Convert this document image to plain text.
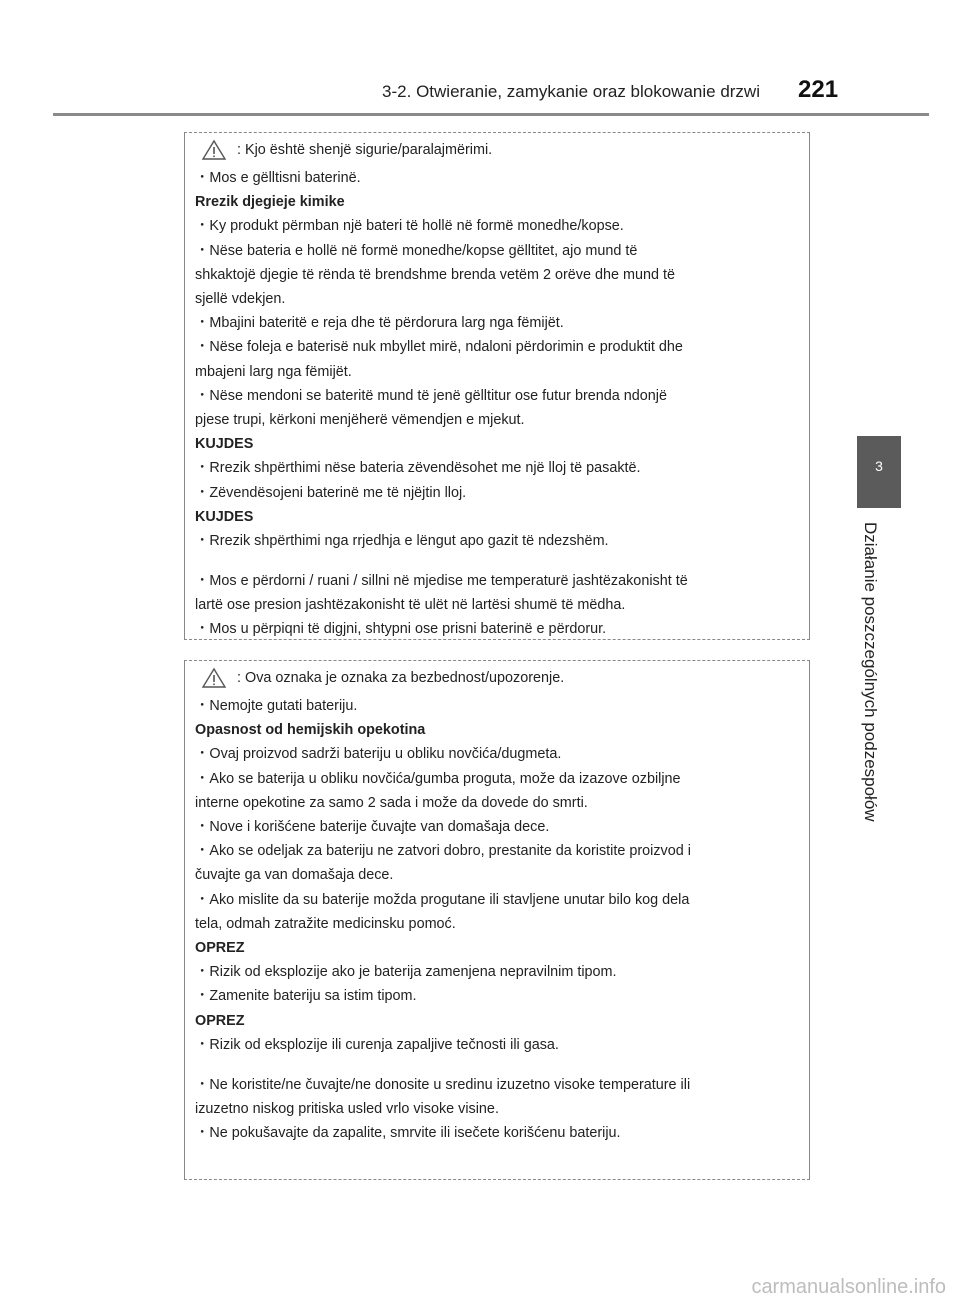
3-2. Otwieranie, zamykanie oraz blokowanie drzwi 221
3
Działanie poszczególnych podzespołów
: Kjo është shenjë sigurie/paralajmërimi.
・Mos e gëlltisni baterinë.
Rrezik djegieje kimike
・Ky produkt përmban një bateri të hollë në formë monedhe/kopse.
・Nëse bateria e hollë në formë monedhe/kopse gëlltitet, ajo mund të
shkaktojë djegie të rënda të brendshme brenda vetëm 2 orëve dhe mund të
sjellë vdekjen.
・Mbajini bateritë e reja dhe të përdorura larg nga fëmijët.
・Nëse foleja e baterisë nuk mbyllet mirë, ndaloni përdorimin e produktit dhe
mbajeni larg nga fëmijët.
・Nëse mendoni se bateritë mund të jenë gëlltitur ose futur brenda ndonjë
pjese trupi, kërkoni menjëherë vëmendjen e mjekut.
KUJDES
・Rrezik shpërthimi nëse bateria zëvendësohet me një lloj të pasaktë.
・Zëvendësojeni baterinë me të njëjtin lloj.
KUJDES
・Rrezik shpërthimi nga rrjedhja e lëngut apo gazit të ndezshëm.
・Mos e përdorni / ruani / sillni në mjedise me temperaturë jashtëzakonisht të
lartë ose presion jashtëzakonisht të ulët në lartësi shumë të mëdha.
・Mos u përpiqni të digjni, shtypni ose prisni baterinë e përdorur.
: Ova oznaka je oznaka za bezbednost/upozorenje.
・Nemojte gutati bateriju.
Opasnost od hemijskih opekotina
・Ovaj proizvod sadrži bateriju u obliku novčića/dugmeta.
・Ako se baterija u obliku novčića/gumba proguta, može da izazove ozbiljne
interne opekotine za samo 2 sada i može da dovede do smrti.
・Nove i korišćene baterije čuvajte van domašaja dece.
・Ako se odeljak za bateriju ne zatvori dobro, prestanite da koristite proizvod i
čuvajte ga van domašaja dece.
・Ako mislite da su baterije možda progutane ili stavljene unutar bilo kog dela
tela, odmah zatražite medicinsku pomoć.
OPREZ
・Rizik od eksplozije ako je baterija zamenjena nepravilnim tipom.
・Zamenite bateriju sa istim tipom.
OPREZ
・Rizik od eksplozije ili curenja zapaljive tečnosti ili gasa.
・Ne koristite/ne čuvajte/ne donosite u sredinu izuzetno visoke temperature ili
izuzetno niskog pritiska usled vrlo visoke visine.
・Ne pokušavajte da zapalite, smrvite ili isečete korišćenu bateriju.
carmanualsonline.info
